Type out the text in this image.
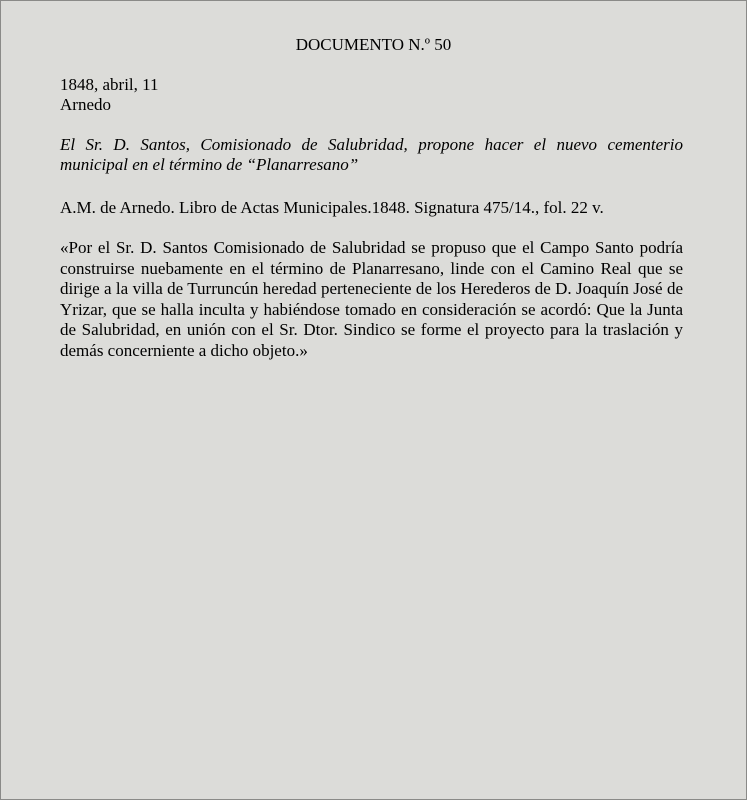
DOCUMENTO N.º 50
1848, abril, 11
Arnedo
El Sr. D. Santos, Comisionado de Salubridad, propone hacer el nuevo cementerio municipal en el término de “Planarresano”
A.M. de Arnedo. Libro de Actas Municipales.1848. Signatura 475/14., fol. 22 v.
«Por el Sr. D. Santos Comisionado de Salubridad se propuso que el Campo Santo podría construirse nuebamente en el término de Planarresano, linde con el Camino Real que se dirige a la villa de Turruncún heredad perteneciente de los Herederos de D. Joaquín José de Yrizar, que se halla inculta y habiéndose tomado en consideración se acordó: Que la Junta de Salubridad, en unión con el Sr. Dtor. Sindico se forme el proyecto para la traslación y demás concerniente a dicho objeto.»
